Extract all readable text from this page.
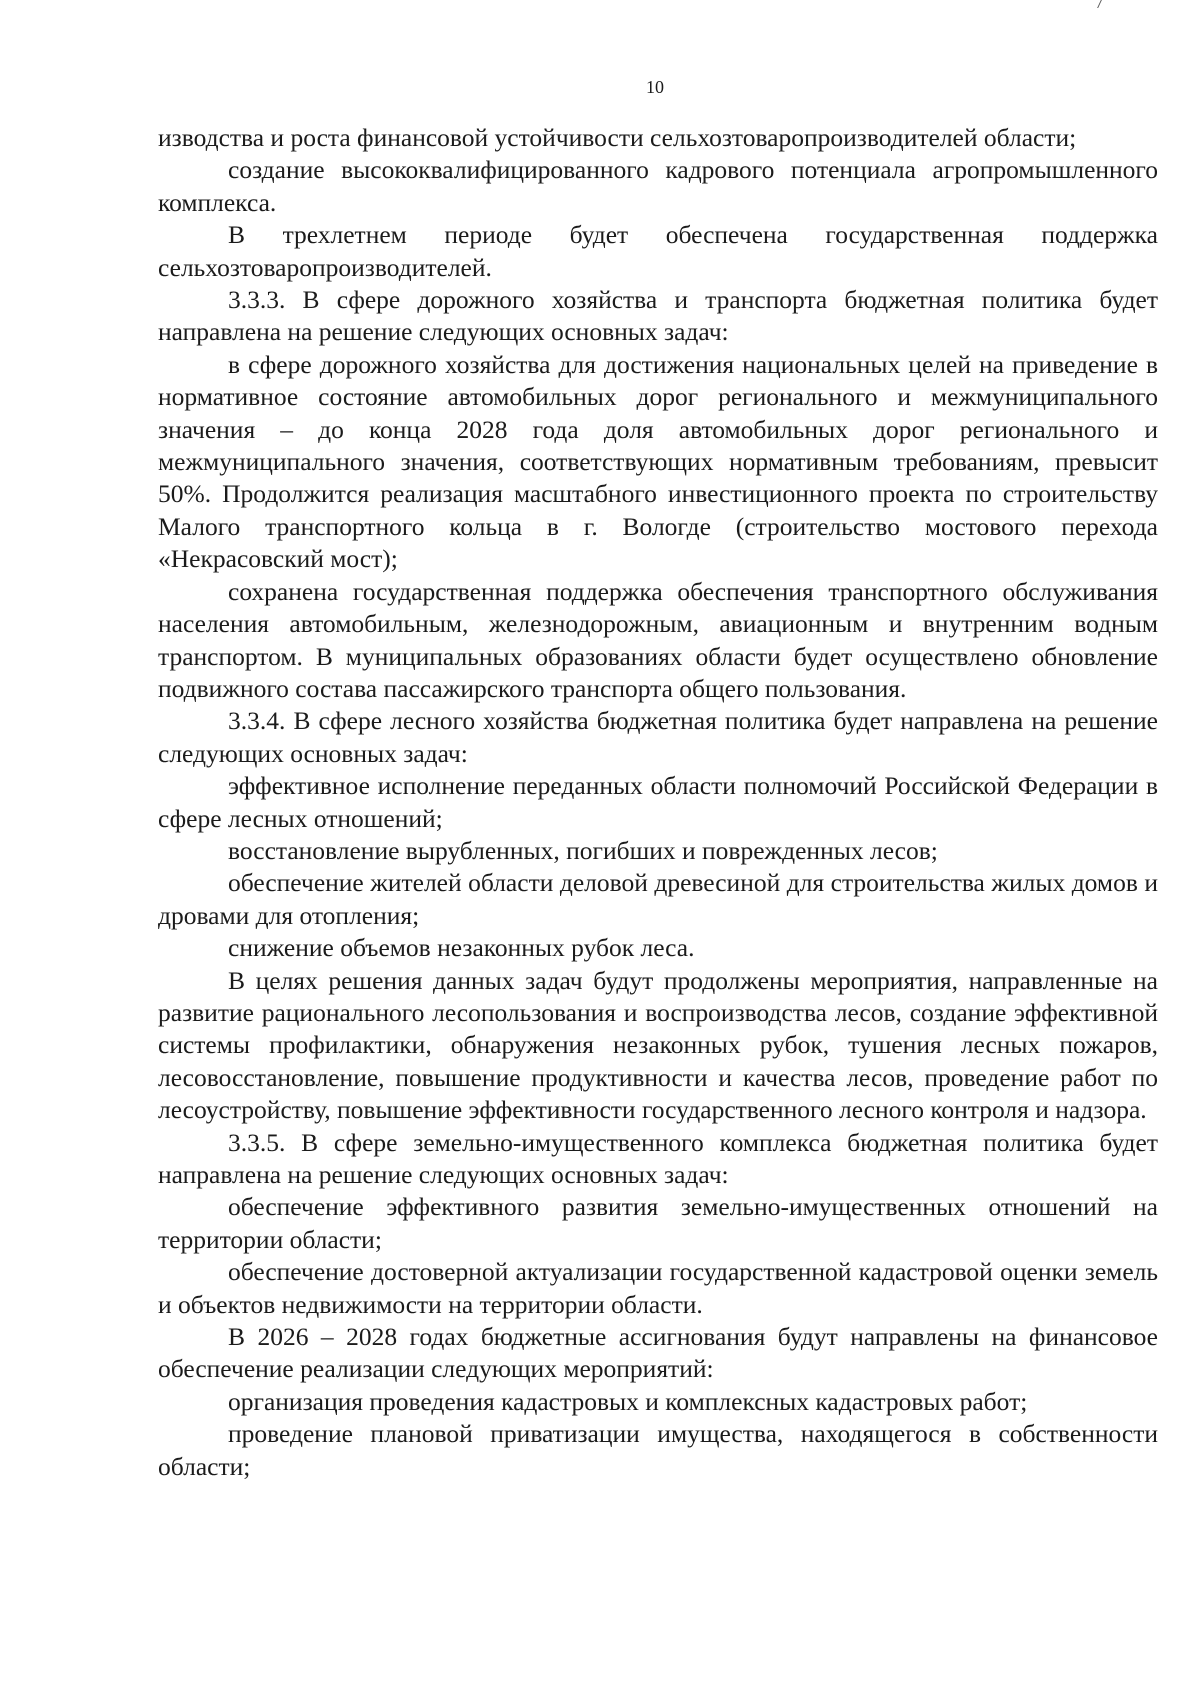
10

изводства и роста финансовой устойчивости сельхозтоваропроизводителей области;

создание высококвалифицированного кадрового потенциала агропромышленного комплекса.

В трехлетнем периоде будет обеспечена государственная поддержка сельхозтоваропроизводителей.

3.3.3. В сфере дорожного хозяйства и транспорта бюджетная политика будет направлена на решение следующих основных задач:

в сфере дорожного хозяйства для достижения национальных целей на приведение в нормативное состояние автомобильных дорог регионального и межмуниципального значения – до конца 2028 года доля автомобильных дорог регионального и межмуниципального значения, соответствующих нормативным требованиям, превысит 50%. Продолжится реализация масштабного инвестиционного проекта по строительству Малого транспортного кольца в г. Вологде (строительство мостового перехода «Некрасовский мост);

сохранена государственная поддержка обеспечения транспортного обслуживания населения автомобильным, железнодорожным, авиационным и внутренним водным транспортом. В муниципальных образованиях области будет осуществлено обновление подвижного состава пассажирского транспорта общего пользования.

3.3.4. В сфере лесного хозяйства бюджетная политика будет направлена на решение следующих основных задач:

эффективное исполнение переданных области полномочий Российской Федерации в сфере лесных отношений;

восстановление вырубленных, погибших и поврежденных лесов;

обеспечение жителей области деловой древесиной для строительства жилых домов и дровами для отопления;

снижение объемов незаконных рубок леса.

В целях решения данных задач будут продолжены мероприятия, направленные на развитие рационального лесопользования и воспроизводства лесов, создание эффективной системы профилактики, обнаружения незаконных рубок, тушения лесных пожаров, лесовосстановление, повышение продуктивности и качества лесов, проведение работ по лесоустройству, повышение эффективности государственного лесного контроля и надзора.

3.3.5. В сфере земельно-имущественного комплекса бюджетная политика будет направлена на решение следующих основных задач:

обеспечение эффективного развития земельно-имущественных отношений на территории области;

обеспечение достоверной актуализации государственной кадастровой оценки земель и объектов недвижимости на территории области.

В 2026 – 2028 годах бюджетные ассигнования будут направлены на финансовое обеспечение реализации следующих мероприятий:

организация проведения кадастровых и комплексных кадастровых работ;

проведение плановой приватизации имущества, находящегося в собственности области;
